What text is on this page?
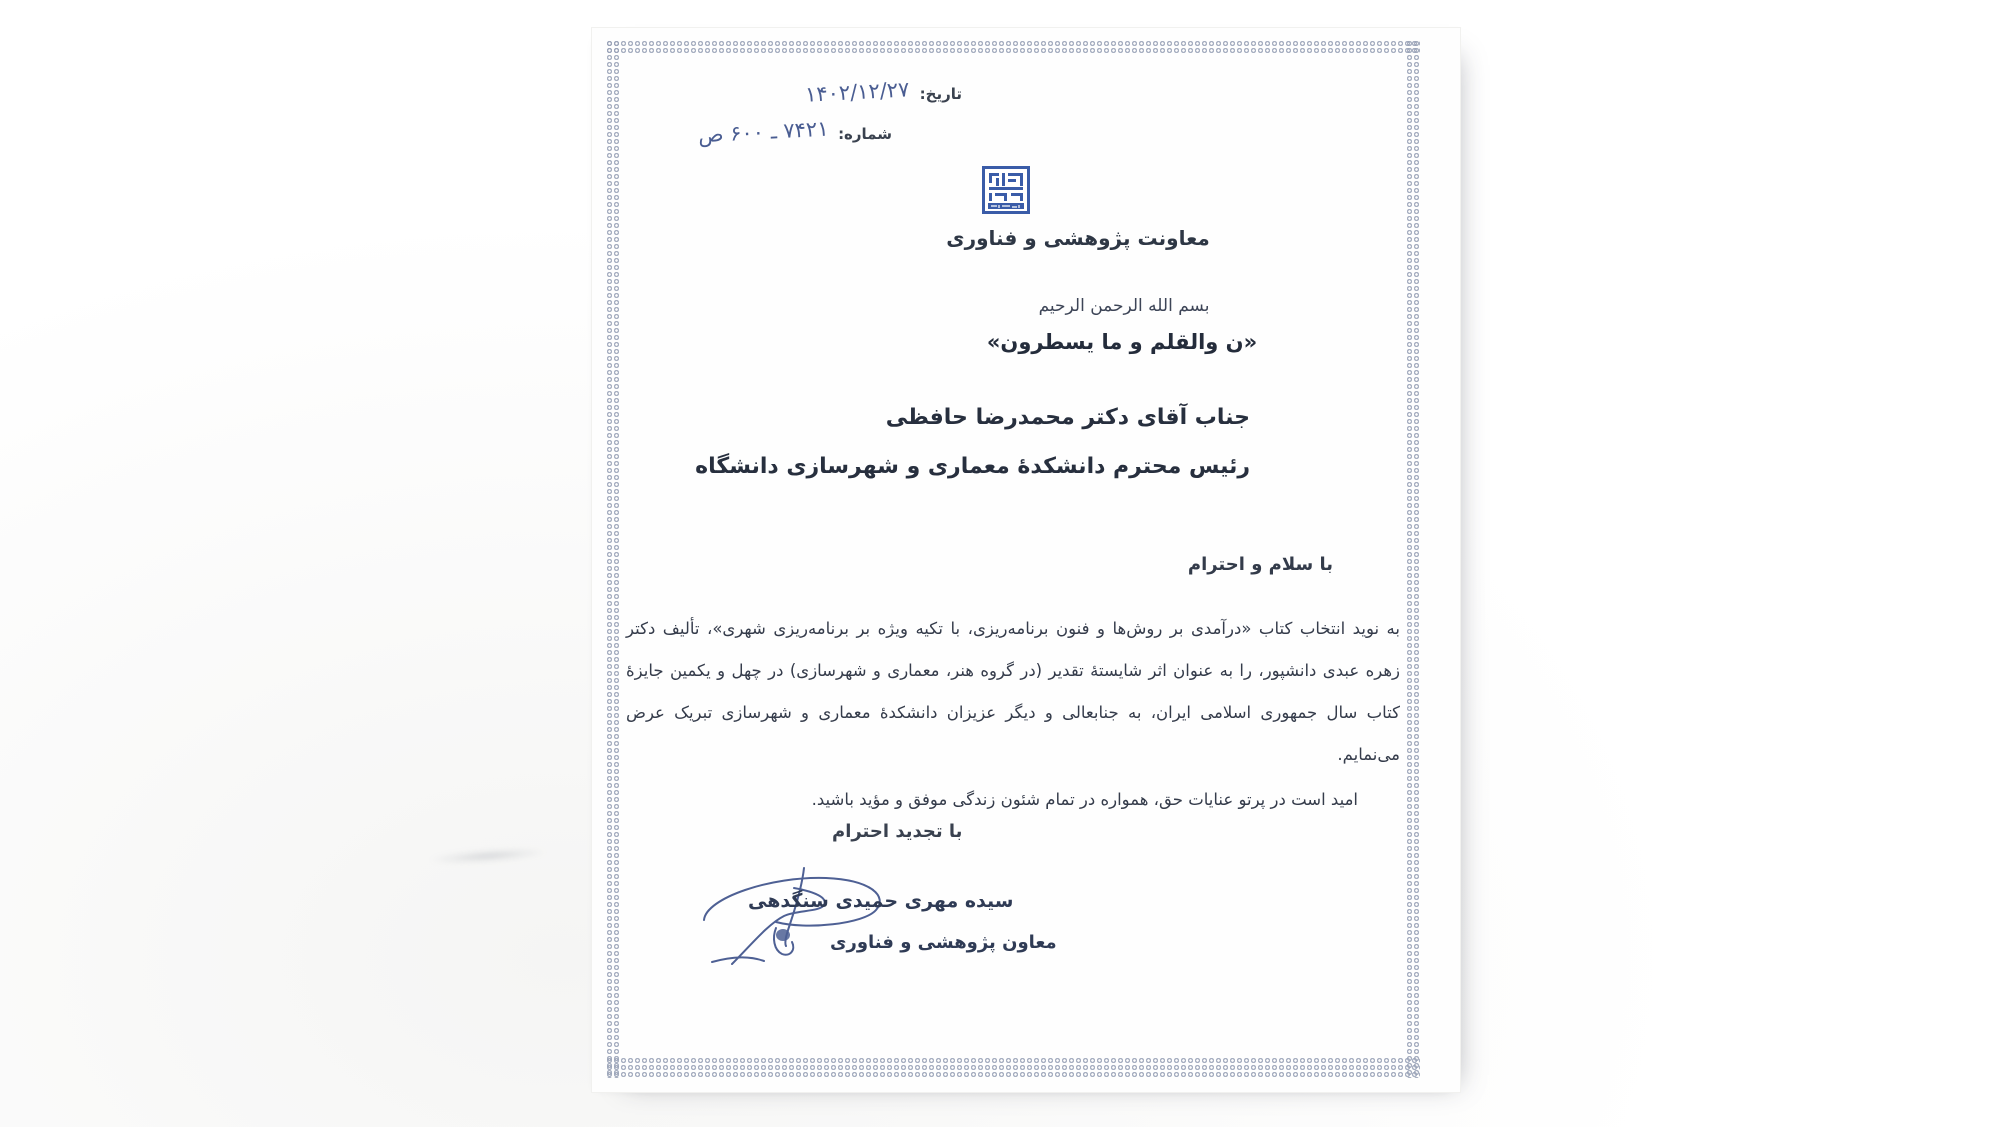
تاریخ:
۱۴۰۲/۱۲/۲۷
شماره:
۷۴۲۱ ـ ۶۰۰ ص
معاونت پژوهشی و فناوری
بسم الله الرحمن الرحیم
«ن والقلم و ما یسطرون»
جناب آقای دکتر محمدرضا حافظی
رئیس محترم دانشکدهٔ معماری و شهرسازی دانشگاه
با سلام و احترام

به نوید انتخاب کتاب «درآمدی بر روش‌ها و فنون برنامه‌ریزی، با تکیه ویژه بر برنامه‌ریزی شهری»، تألیف دکتر زهره عبدی دانشپور، را به عنوان اثر شایستهٔ تقدیر (در گروه هنر، معماری و شهرسازی) در چهل و یکمین جایزهٔ کتاب سال جمهوری اسلامی ایران، به جنابعالی و دیگر عزیزان دانشکدهٔ معماری و شهرسازی تبریک عرض می‌نمایم.

امید است در پرتو عنایات حق، همواره در تمام شئون زندگی موفق و مؤید باشید.

با تجدید احترام
سیده مهری حمیدی سنگدهی
معاون پژوهشی و فناوری
